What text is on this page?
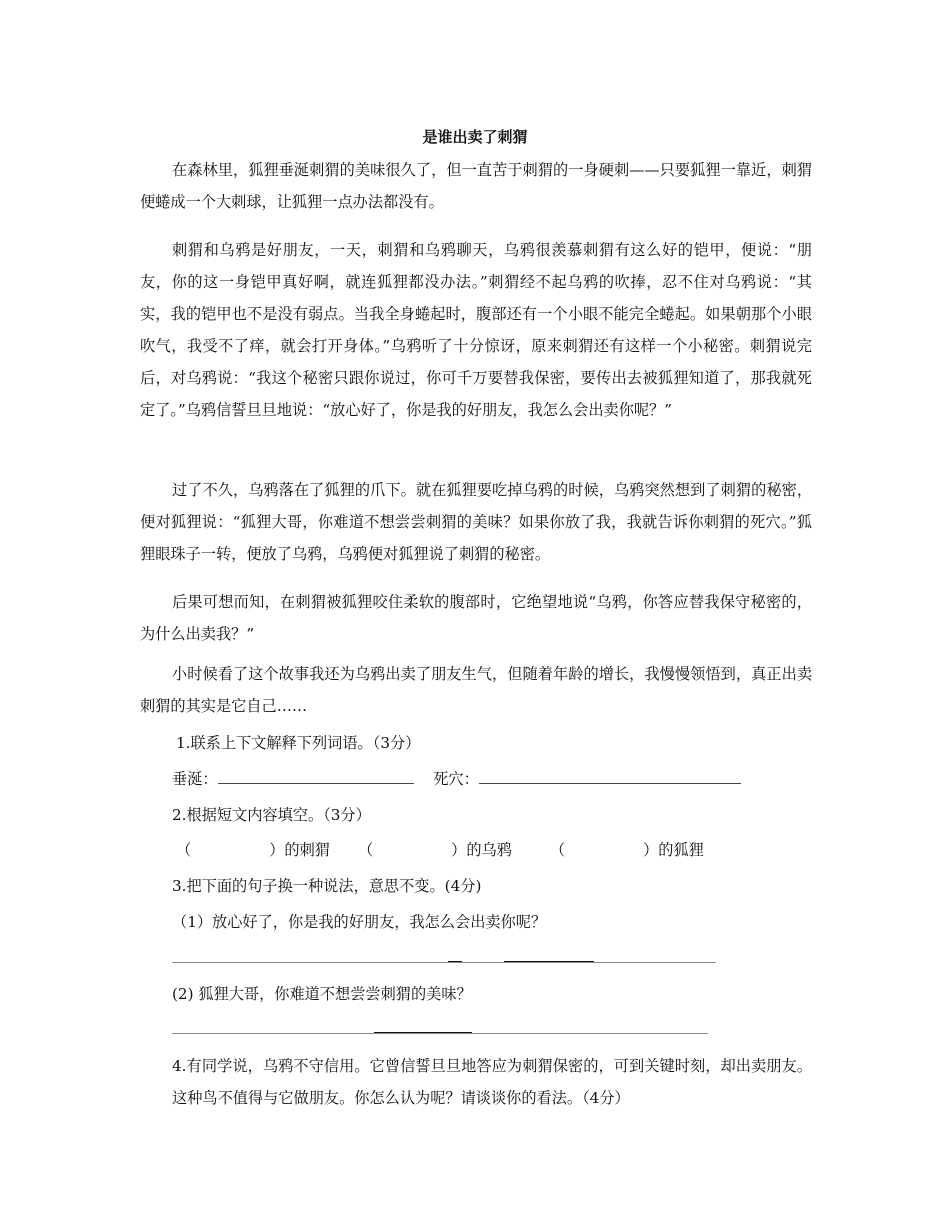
是谁出卖了刺猬
在森林里，狐狸垂涎刺猬的美味很久了，但一直苦于刺猬的一身硬刺——只要狐狸一靠近，刺猬便蜷成一个大刺球，让狐狸一点办法都没有。
刺猬和乌鸦是好朋友，一天，刺猬和乌鸦聊天，乌鸦很羡慕刺猬有这么好的铠甲，便说：“朋友，你的这一身铠甲真好啊，就连狐狸都没办法。”刺猬经不起乌鸦的吹捧，忍不住对乌鸦说：“其实，我的铠甲也不是没有弱点。当我全身蜷起时，腹部还有一个小眼不能完全蜷起。如果朝那个小眼吹气，我受不了痒，就会打开身体。”乌鸦听了十分惊讶，原来刺猬还有这样一个小秘密。刺猬说完后，对乌鸦说：“我这个秘密只跟你说过，你可千万要替我保密，要传出去被狐狸知道了，那我就死定了。”乌鸦信誓旦旦地说：“放心好了，你是我的好朋友，我怎么会出卖你呢？”
过了不久，乌鸦落在了狐狸的爪下。就在狐狸要吃掉乌鸦的时候，乌鸦突然想到了刺猬的秘密，便对狐狸说：“狐狸大哥，你难道不想尝尝刺猬的美味？如果你放了我，我就告诉你刺猬的死穴。”狐狸眼珠子一转，便放了乌鸦，乌鸦便对狐狸说了刺猬的秘密。
后果可想而知，在刺猬被狐狸咬住柔软的腹部时，它绝望地说“乌鸦，你答应替我保守秘密的，为什么出卖我？”
小时候看了这个故事我还为乌鸦出卖了朋友生气，但随着年龄的增长，我慢慢领悟到，真正出卖刺猬的其实是它自己……
1.联系上下文解释下列词语。（3分）
垂涎：	死穴：
2.根据短文内容填空。（3分）
（	）的刺猬 （	）的乌鸦	（	）的狐狸
3.把下面的句子换一种说法，意思不变。(4分)
（1）放心好了，你是我的好朋友，我怎么会出卖你呢？
(2) 狐狸大哥，你难道不想尝尝刺猬的美味？
4.有同学说，乌鸦不守信用。它曾信誓旦旦地答应为刺猬保密的，可到关键时刻，却出卖朋友。这种鸟不值得与它做朋友。你怎么认为呢？请谈谈你的看法。（4分）
